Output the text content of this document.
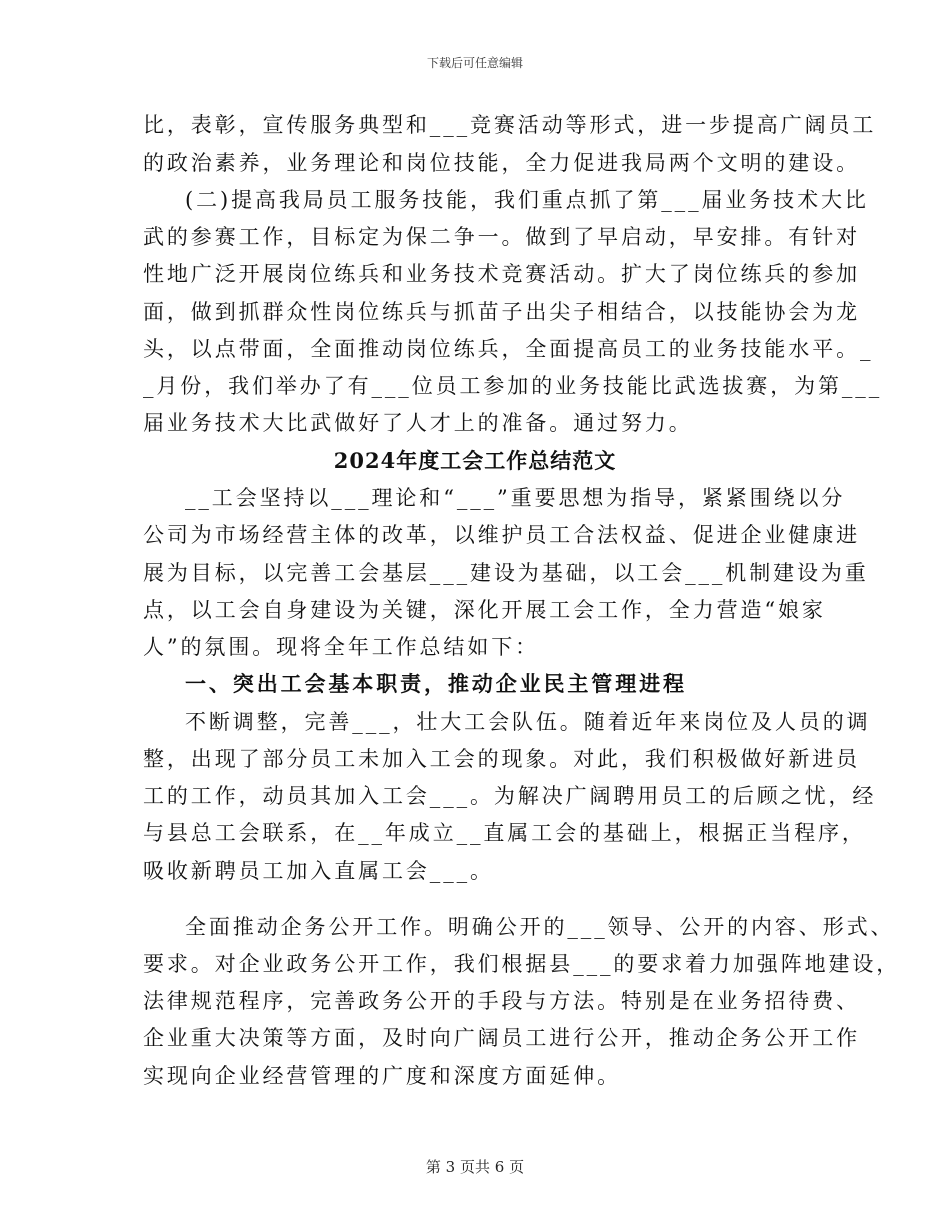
下载后可任意编辑
比，表彰，宣传服务典型和___竞赛活动等形式，进一步提高广阔员工
的政治素养，业务理论和岗位技能，全力促进我局两个文明的建设。
(二)提高我局员工服务技能，我们重点抓了第___届业务技术大比
武的参赛工作，目标定为保二争一。做到了早启动，早安排。有针对
性地广泛开展岗位练兵和业务技术竞赛活动。扩大了岗位练兵的参加
面，做到抓群众性岗位练兵与抓苗子出尖子相结合，以技能协会为龙
头，以点带面，全面推动岗位练兵，全面提高员工的业务技能水平。_
_月份，我们举办了有___位员工参加的业务技能比武选拔赛，为第___
届业务技术大比武做好了人才上的准备。通过努力。
2024年度工会工作总结范文
__工会坚持以___理论和“___”重要思想为指导，紧紧围绕以分
公司为市场经营主体的改革，以维护员工合法权益、促进企业健康进
展为目标，以完善工会基层___建设为基础，以工会___机制建设为重
点，以工会自身建设为关键，深化开展工会工作，全力营造“娘家
人”的氛围。现将全年工作总结如下：
一、突出工会基本职责，推动企业民主管理进程
不断调整，完善___，壮大工会队伍。随着近年来岗位及人员的调
整，出现了部分员工未加入工会的现象。对此，我们积极做好新进员
工的工作，动员其加入工会___。为解决广阔聘用员工的后顾之忧，经
与县总工会联系，在__年成立__直属工会的基础上，根据正当程序，
吸收新聘员工加入直属工会___。
全面推动企务公开工作。明确公开的___领导、公开的内容、形式、
要求。对企业政务公开工作，我们根据县___的要求着力加强阵地建设，
法律规范程序，完善政务公开的手段与方法。特别是在业务招待费、
企业重大决策等方面，及时向广阔员工进行公开，推动企务公开工作
实现向企业经营管理的广度和深度方面延伸。
第 3 页共 6 页
